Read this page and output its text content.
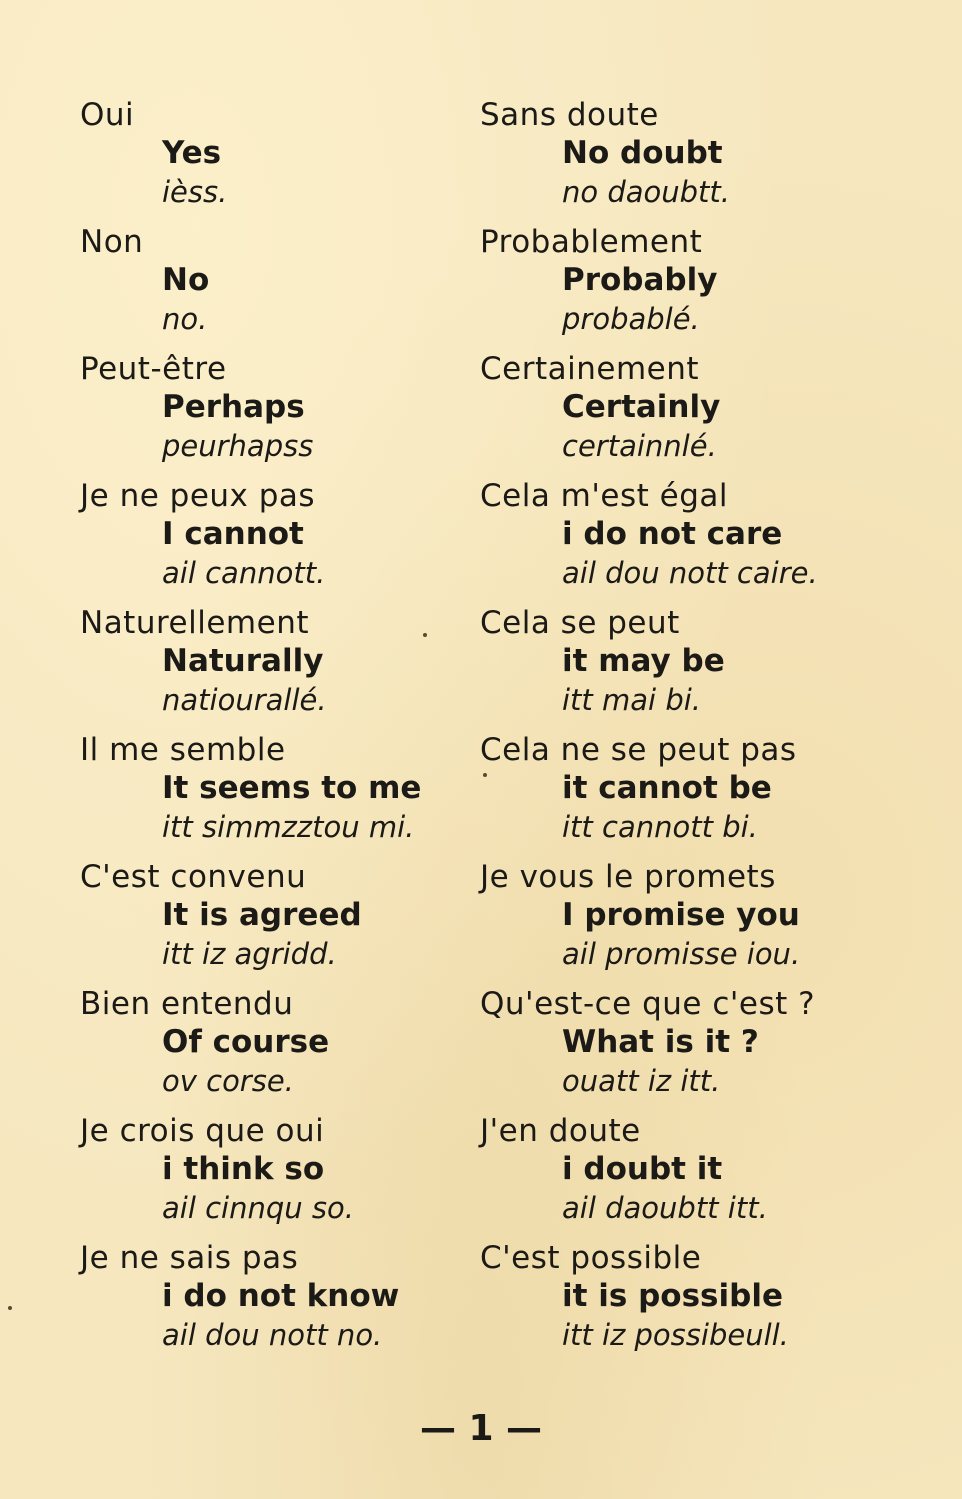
Oui
Yes
ièss.
Non
No
no.
Peut-être
Perhaps
peurhapss
Je ne peux pas
I cannot
ail cannott.
Naturellement
Naturally
natiourallé.
Il me semble
It seems to me
itt simmzztou mi.
C'est convenu
It is agreed
itt iz agridd.
Bien entendu
Of course
ov corse.
Je crois que oui
i think so
ail cinnqu so.
Je ne sais pas
i do not know
ail dou nott no.
Sans doute
No doubt
no daoubtt.
Probablement
Probably
probablé.
Certainement
Certainly
certainnlé.
Cela m'est égal
i do not care
ail dou nott caire.
Cela se peut
it may be
itt mai bi.
Cela ne se peut pas
it cannot be
itt cannott bi.
Je vous le promets
I promise you
ail promisse iou.
Qu'est-ce que c'est ?
What is it ?
ouatt iz itt.
J'en doute
i doubt it
ail daoubtt itt.
C'est possible
it is possible
itt iz possibeull.
— 1 —
